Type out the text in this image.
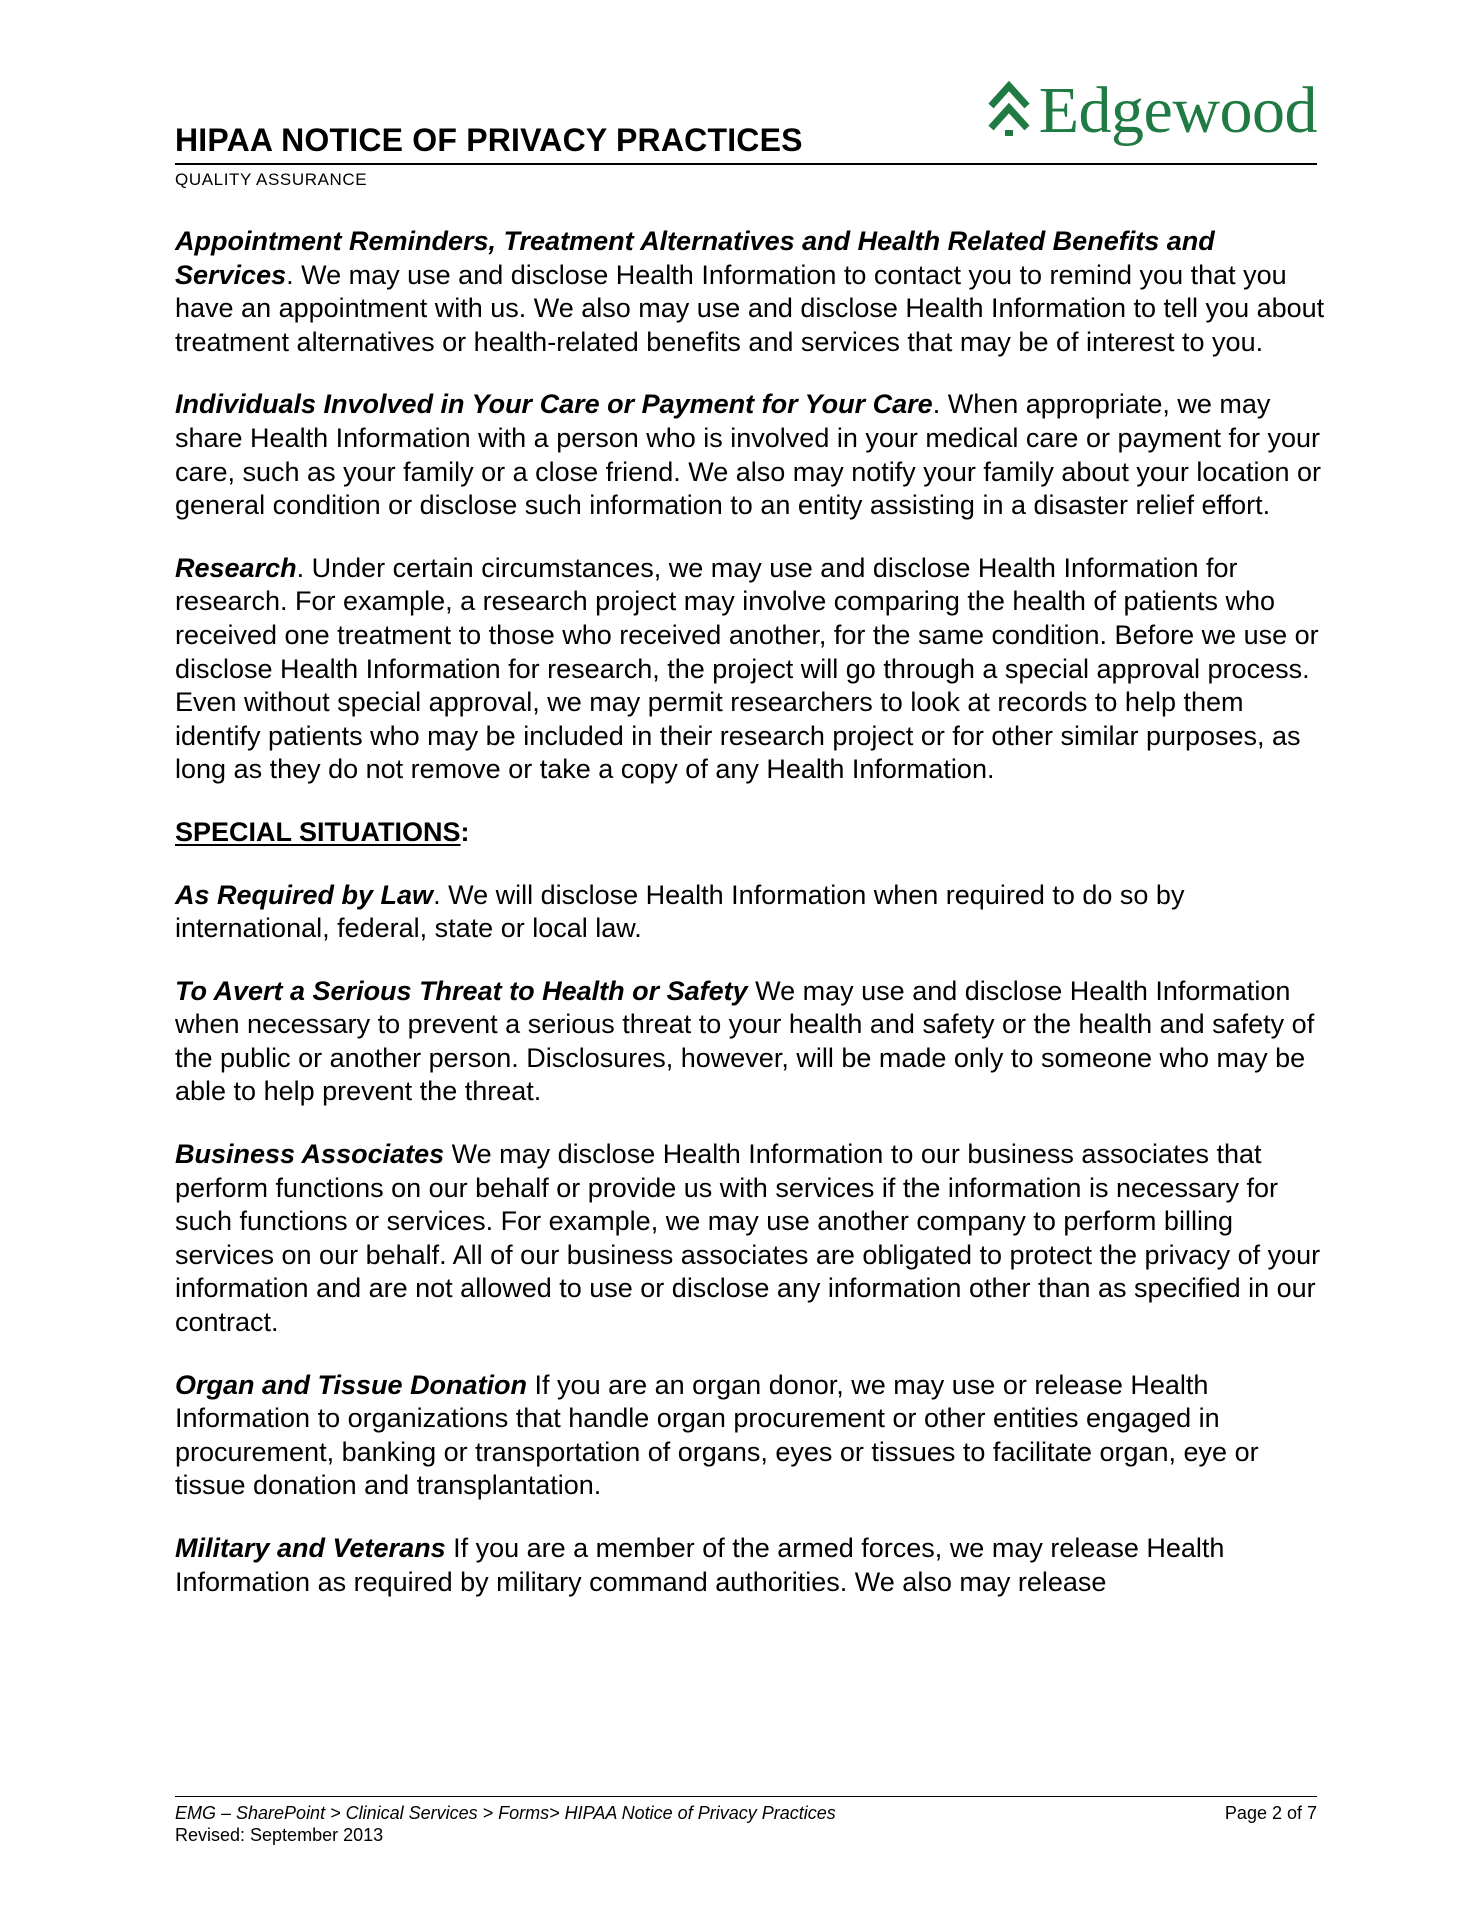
HIPAA NOTICE OF PRIVACY PRACTICES	Edgewood
QUALITY ASSURANCE

Appointment Reminders, Treatment Alternatives and Health Related Benefits and Services. We may use and disclose Health Information to contact you to remind you that you have an appointment with us. We also may use and disclose Health Information to tell you about treatment alternatives or health-related benefits and services that may be of interest to you.

Individuals Involved in Your Care or Payment for Your Care. When appropriate, we may share Health Information with a person who is involved in your medical care or payment for your care, such as your family or a close friend. We also may notify your family about your location or general condition or disclose such information to an entity assisting in a disaster relief effort.

Research. Under certain circumstances, we may use and disclose Health Information for research. For example, a research project may involve comparing the health of patients who received one treatment to those who received another, for the same condition. Before we use or disclose Health Information for research, the project will go through a special approval process. Even without special approval, we may permit researchers to look at records to help them identify patients who may be included in their research project or for other similar purposes, as long as they do not remove or take a copy of any Health Information.

SPECIAL SITUATIONS:

As Required by Law. We will disclose Health Information when required to do so by international, federal, state or local law.

To Avert a Serious Threat to Health or Safety We may use and disclose Health Information when necessary to prevent a serious threat to your health and safety or the health and safety of the public or another person. Disclosures, however, will be made only to someone who may be able to help prevent the threat.

Business Associates We may disclose Health Information to our business associates that perform functions on our behalf or provide us with services if the information is necessary for such functions or services. For example, we may use another company to perform billing services on our behalf. All of our business associates are obligated to protect the privacy of your information and are not allowed to use or disclose any information other than as specified in our contract.

Organ and Tissue Donation If you are an organ donor, we may use or release Health Information to organizations that handle organ procurement or other entities engaged in procurement, banking or transportation of organs, eyes or tissues to facilitate organ, eye or tissue donation and transplantation.

Military and Veterans If you are a member of the armed forces, we may release Health Information as required by military command authorities. We also may release

EMG – SharePoint > Clinical Services > Forms> HIPAA Notice of Privacy Practices	Page 2 of 7
Revised: September 2013
